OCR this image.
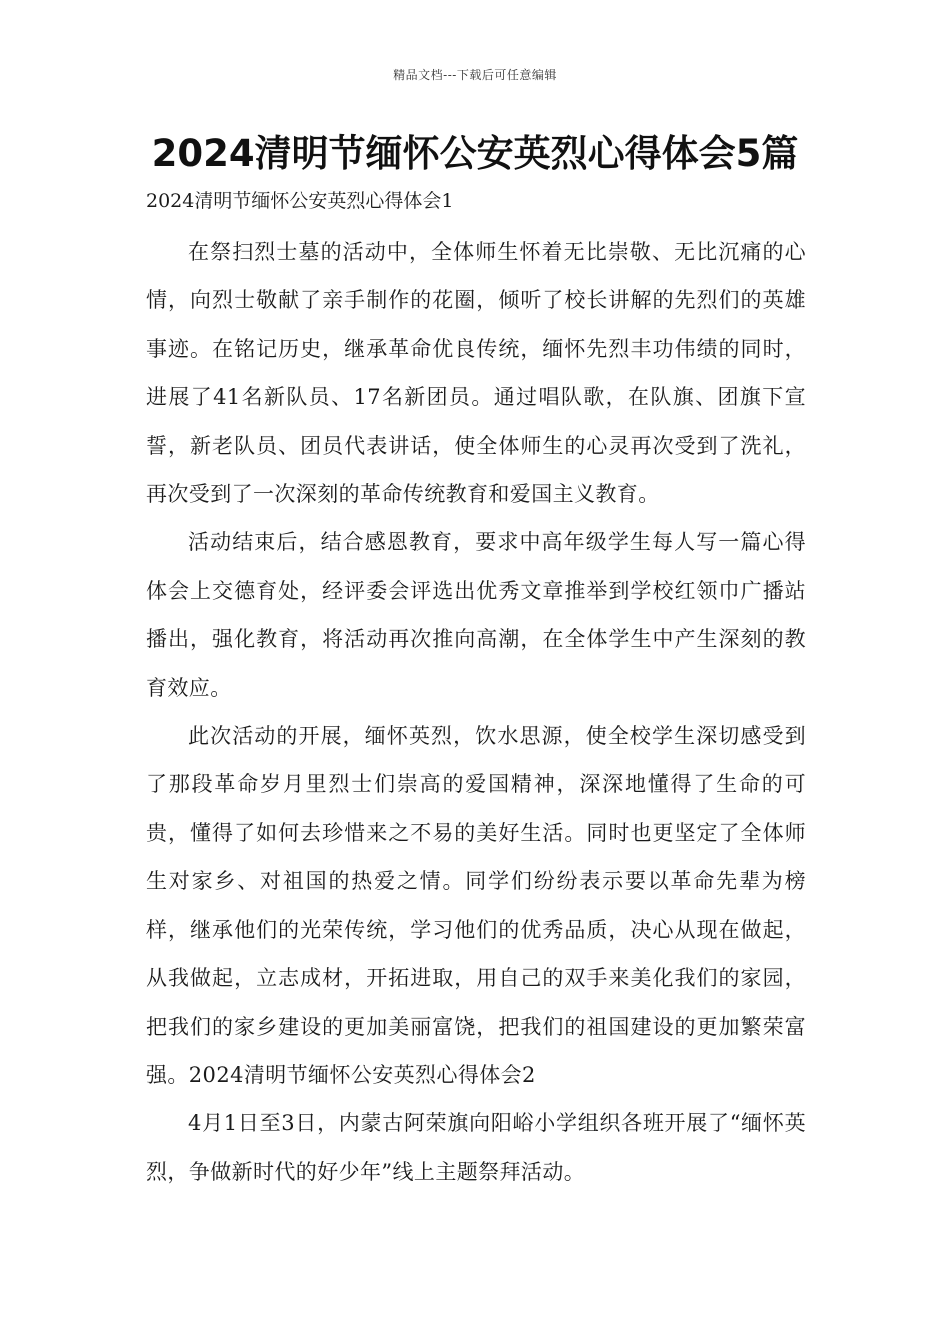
精品文档---下载后可任意编辑
2024清明节缅怀公安英烈心得体会5篇

2024清明节缅怀公安英烈心得体会1

在祭扫烈士墓的活动中，全体师生怀着无比崇敬、无比沉痛的心情，向烈士敬献了亲手制作的花圈，倾听了校长讲解的先烈们的英雄事迹。在铭记历史，继承革命优良传统，缅怀先烈丰功伟绩的同时，进展了41名新队员、17名新团员。通过唱队歌，在队旗、团旗下宣誓，新老队员、团员代表讲话，使全体师生的心灵再次受到了洗礼，再次受到了一次深刻的革命传统教育和爱国主义教育。

活动结束后，结合感恩教育，要求中高年级学生每人写一篇心得体会上交德育处，经评委会评选出优秀文章推举到学校红领巾广播站播出，强化教育，将活动再次推向高潮，在全体学生中产生深刻的教育效应。

此次活动的开展，缅怀英烈，饮水思源，使全校学生深切感受到了那段革命岁月里烈士们崇高的爱国精神，深深地懂得了生命的可贵，懂得了如何去珍惜来之不易的美好生活。同时也更坚定了全体师生对家乡、对祖国的热爱之情。同学们纷纷表示要以革命先辈为榜样，继承他们的光荣传统，学习他们的优秀品质，决心从现在做起，从我做起，立志成材，开拓进取，用自己的双手来美化我们的家园，把我们的家乡建设的更加美丽富饶，把我们的祖国建设的更加繁荣富强。2024清明节缅怀公安英烈心得体会2

4月1日至3日，内蒙古阿荣旗向阳峪小学组织各班开展了“缅怀英烈，争做新时代的好少年”线上主题祭拜活动。
